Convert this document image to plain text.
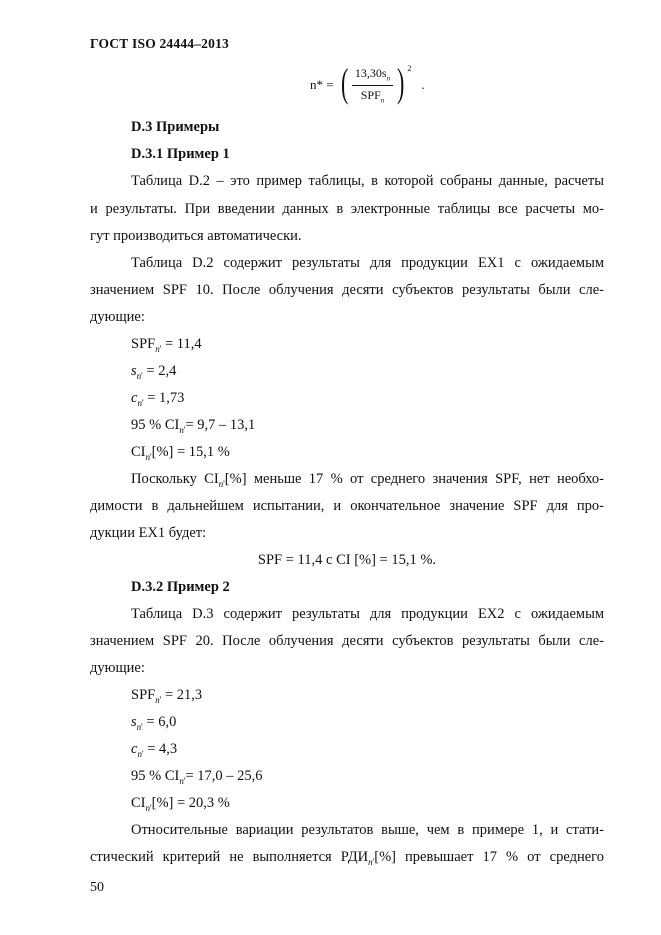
ГОСТ ISO 24444–2013
n* = ( $\frac{13,30s_n}{SPF_n}$ ) 2
.
D.3 Примеры
D.3.1 Пример 1
Таблица D.2 – это пример таблицы, в которой собраны данные, расчеты
и результаты. При введении данных в электронные таблицы все расчеты мо-
гут производиться автоматически.
Таблица D.2 содержит результаты для продукции EX1 с ожидаемым
значением SPF 10. После облучения десяти субъектов результаты были сле-
дующие:
$SPF_{n'} = 11,4$
$s_{n'} = 2,4$
$c_{n'} = 1,73$
95 % $CI_{n'}= 9,7 - 13,1$
$CI_{n'}[\%] = 15,1$ %
Поскольку $CI_{n'}[\%]$ меньше 17 % от среднего значения SPF, нет необхо-
димости в дальнейшем испытании, и окончательное значение SPF для про-
дукции EX1 будет:
SPF = 11,4 с CI [%] = 15,1 %.
D.3.2 Пример 2
Таблица D.3 содержит результаты для продукции EX2 с ожидаемым
значением SPF 20. После облучения десяти субъектов результаты были сле-
дующие:
$SPF_{n'} = 21,3$
$s_{n'} = 6,0$
$c_{n'} = 4,3$
95 % $CI_{n'}= 17,0 - 25,6$
$CI_{n'}[\%] = 20,3$ %
Относительные вариации результатов выше, чем в примере 1, и стати-
стический критерий не выполняется $РДИ_{n'}[\%]$ превышает 17 % от среднего
50
